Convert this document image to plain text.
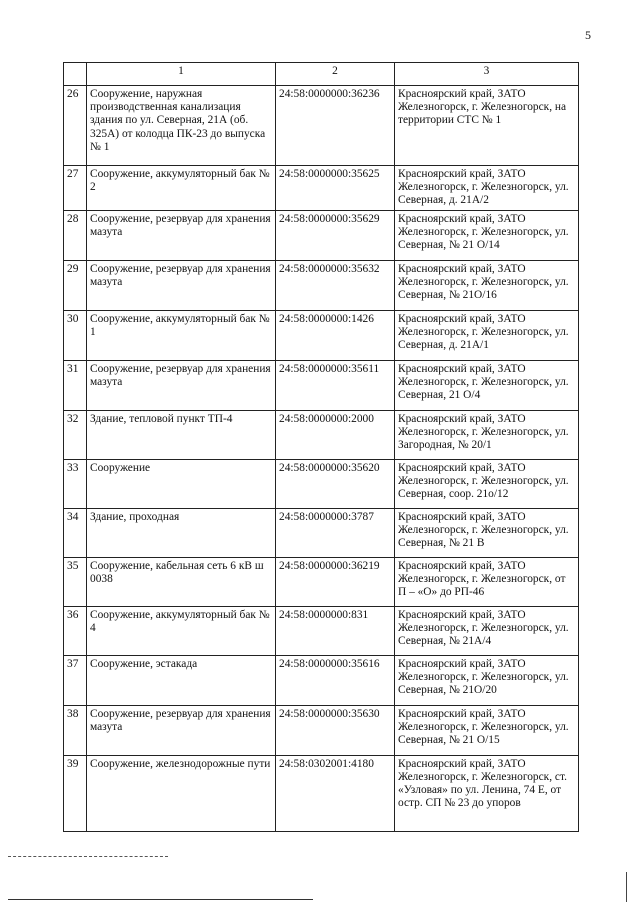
5
	1	2	3
26	Сооружение, наружная производственная канализация здания по ул. Северная, 21А (об. 325А) от колодца ПК-23 до выпуска № 1	24:58:0000000:36236	Красноярский край, ЗАТО Железногорск, г. Железногорск, на территории СТС № 1
27	Сооружение, аккумуляторный бак № 2	24:58:0000000:35625	Красноярский край, ЗАТО Железногорск, г. Железногорск, ул. Северная, д. 21А/2
28	Сооружение, резервуар для хранения мазута	24:58:0000000:35629	Красноярский край, ЗАТО Железногорск, г. Железногорск, ул. Северная, № 21 О/14
29	Сооружение, резервуар для хранения мазута	24:58:0000000:35632	Красноярский край, ЗАТО Железногорск, г. Железногорск, ул. Северная, № 21О/16
30	Сооружение, аккумуляторный бак № 1	24:58:0000000:1426	Красноярский край, ЗАТО Железногорск, г. Железногорск, ул. Северная, д. 21А/1
31	Сооружение, резервуар для хранения мазута	24:58:0000000:35611	Красноярский край, ЗАТО Железногорск, г. Железногорск, ул. Северная, 21 О/4
32	Здание, тепловой пункт ТП-4	24:58:0000000:2000	Красноярский край, ЗАТО Железногорск, г. Железногорск, ул. Загородная, № 20/1
33	Сооружение	24:58:0000000:35620	Красноярский край, ЗАТО Железногорск, г. Железногорск, ул. Северная, соор. 21о/12
34	Здание, проходная	24:58:0000000:3787	Красноярский край, ЗАТО Железногорск, г. Железногорск, ул. Северная, № 21 В
35	Сооружение, кабельная сеть 6 кВ ш 0038	24:58:0000000:36219	Красноярский край, ЗАТО Железногорск, г. Железногорск, от П – «О» до РП-46
36	Сооружение, аккумуляторный бак № 4	24:58:0000000:831	Красноярский край, ЗАТО Железногорск, г. Железногорск, ул. Северная, № 21А/4
37	Сооружение, эстакада	24:58:0000000:35616	Красноярский край, ЗАТО Железногорск, г. Железногорск, ул. Северная, № 21О/20
38	Сооружение, резервуар для хранения мазута	24:58:0000000:35630	Красноярский край, ЗАТО Железногорск, г. Железногорск, ул. Северная, № 21 О/15
39	Сооружение, железнодорожные пути	24:58:0302001:4180	Красноярский край, ЗАТО Железногорск, г. Железногорск, ст. «Узловая» по ул. Ленина, 74 Е, от остр. СП № 23 до упоров
